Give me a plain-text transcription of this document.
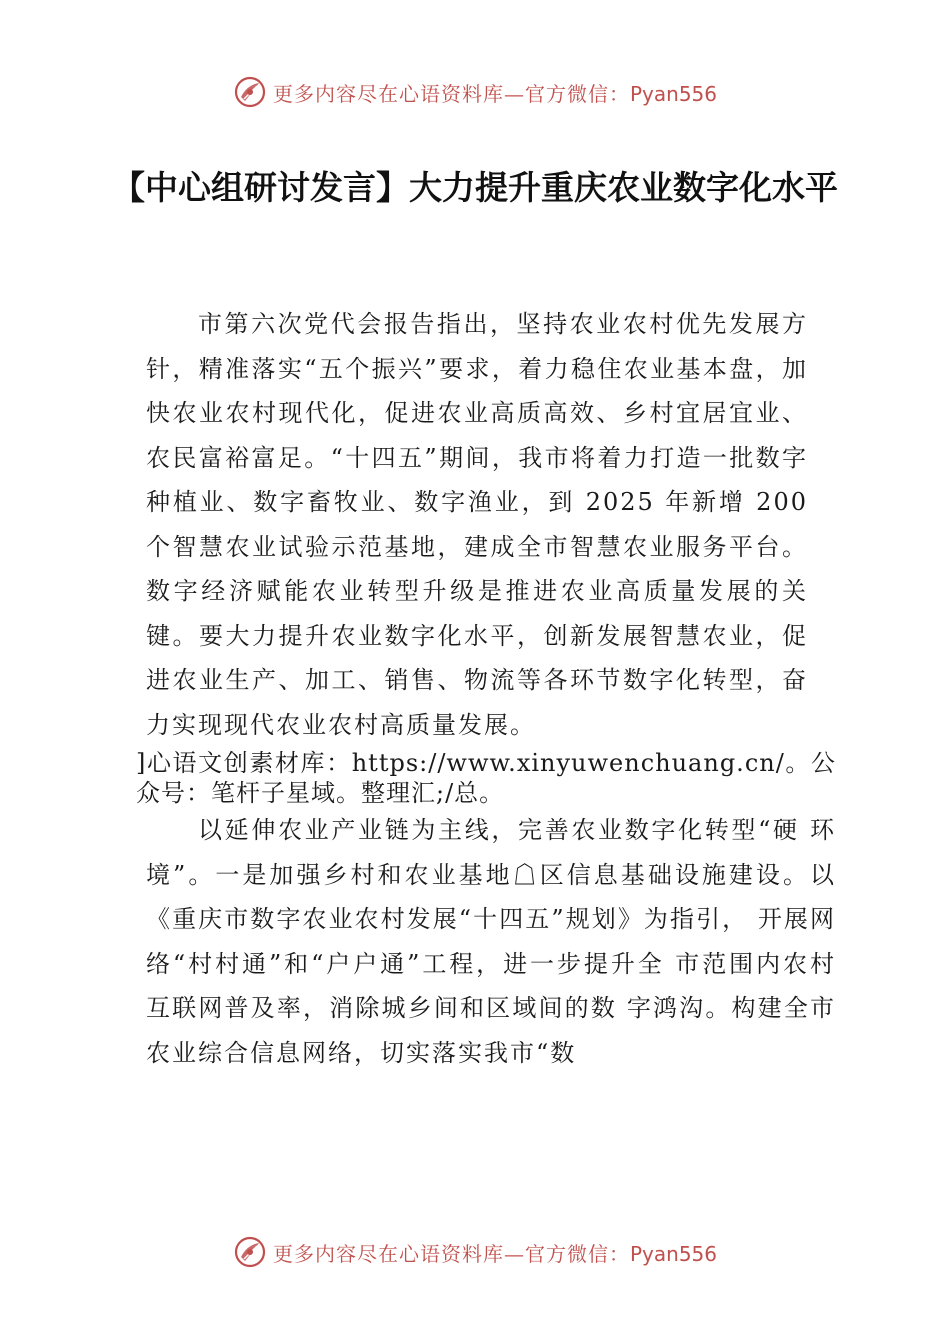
更多内容尽在心语资料库—官方微信：Pyan556
【中心组研讨发言】大力提升重庆农业数字化水平

市第六次党代会报告指出，坚持农业农村优先发展方针，精准落实“五个振兴”要求，着力稳住农业基本盘，加快农业农村现代化，促进农业高质高效、乡村宜居宜业、农民富裕富足。“十四五”期间，我市将着力打造一批数字种植业、数字畜牧业、数字渔业，到 2025 年新增 200 个智慧农业试验示范基地，建成全市智慧农业服务平台。数字经济赋能农业转型升级是推进农业高质量发展的关键。要大力提升农业数字化水平，创新发展智慧农业，促进农业生产、加工、销售、物流等各环节数字化转型，奋力实现现代农业农村高质量发展。

]心语文创素材库：https://www.xinyuwenchuang.cn/。公众号：笔杆子星域。整理汇;/总。

以延伸农业产业链为主线，完善农业数字化转型“硬 环境”。一是加强乡村和农业基地☖区信息基础设施建设。以《重庆市数字农业农村发展“十四五”规划》为指引， 开展网络“村村通”和“户户通”工程，进一步提升全 市范围内农村互联网普及率，消除城乡间和区域间的数 字鸿沟。构建全市农业综合信息网络，切实落实我市“数

更多内容尽在心语资料库—官方微信：Pyan556
